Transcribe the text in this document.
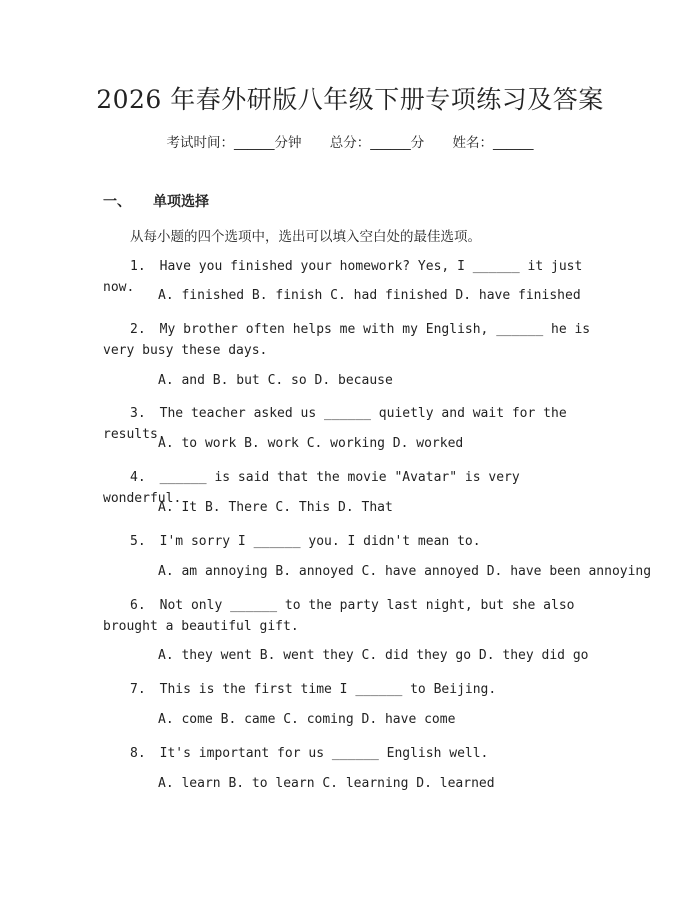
2026 年春外研版八年级下册专项练习及答案
考试时间：______分钟 总分：______分 姓名：______
一、 单项选择
从每小题的四个选项中，选出可以填入空白处的最佳选项。
1. Have you finished your homework? Yes, I ______ it just now.
A. finished B. finish C. had finished D. have finished
2. My brother often helps me with my English, ______ he is very busy these days.
A. and B. but C. so D. because
3. The teacher asked us ______ quietly and wait for the results.
A. to work B. work C. working D. worked
4. ______ is said that the movie "Avatar" is very wonderful.
A. It B. There C. This D. That
5. I'm sorry I ______ you. I didn't mean to.
A. am annoying B. annoyed C. have annoyed D. have been annoying
6. Not only ______ to the party last night, but she also brought a beautiful gift.
A. they went B. went they C. did they go D. they did go
7. This is the first time I ______ to Beijing.
A. come B. came C. coming D. have come
8. It's important for us ______ English well.
A. learn B. to learn C. learning D. learned
